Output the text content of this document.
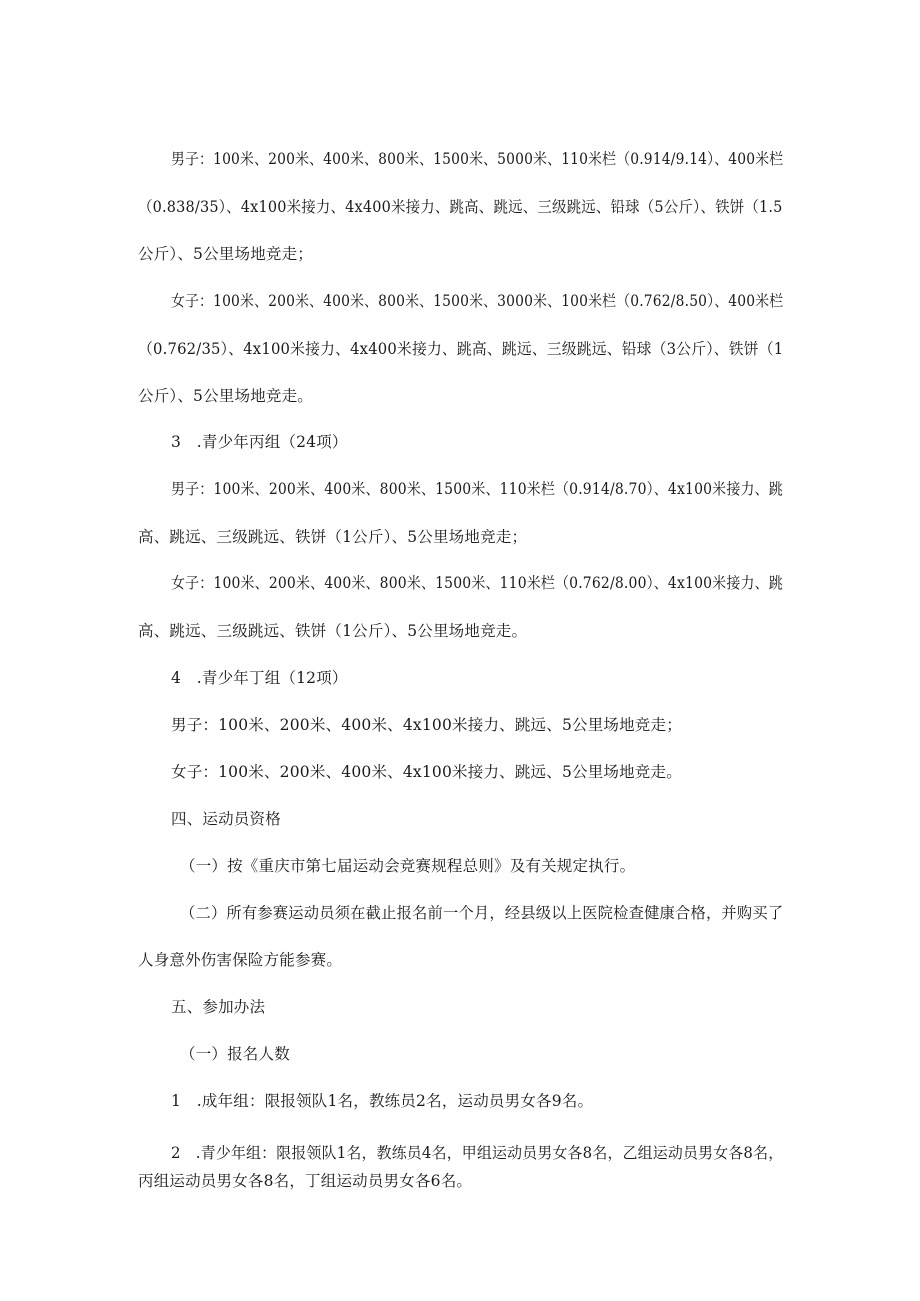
男子：100米、200米、400米、800米、1500米、5000米、110米栏（0.914/9.14）、400米栏

（0.838/35）、4x100米接力、4x400米接力、跳高、跳远、三级跳远、铅球（5公斤）、铁饼（1.5

公斤）、5公里场地竞走；

女子：100米、200米、400米、800米、1500米、3000米、100米栏（0.762/8.50）、400米栏

（0.762/35）、4x100米接力、4x400米接力、跳高、跳远、三级跳远、铅球（3公斤）、铁饼（1

公斤）、5公里场地竞走。

3　.青少年丙组（24项）

男子：100米、200米、400米、800米、1500米、110米栏（0.914/8.70）、4x100米接力、跳

高、跳远、三级跳远、铁饼（1公斤）、5公里场地竞走；

女子：100米、200米、400米、800米、1500米、110米栏（0.762/8.00）、4x100米接力、跳

高、跳远、三级跳远、铁饼（1公斤）、5公里场地竞走。

4　.青少年丁组（12项）

男子：100米、200米、400米、4x100米接力、跳远、5公里场地竞走；

女子：100米、200米、400米、4x100米接力、跳远、5公里场地竞走。

四、运动员资格

（一）按《重庆市第七届运动会竞赛规程总则》及有关规定执行。

（二）所有参赛运动员须在截止报名前一个月，经县级以上医院检查健康合格，并购买了

人身意外伤害保险方能参赛。

五、参加办法

（一）报名人数

1　.成年组：限报领队1名，教练员2名，运动员男女各9名。

2　.青少年组：限报领队1名，教练员4名，甲组运动员男女各8名，乙组运动员男女各8名，

丙组运动员男女各8名，丁组运动员男女各6名。
